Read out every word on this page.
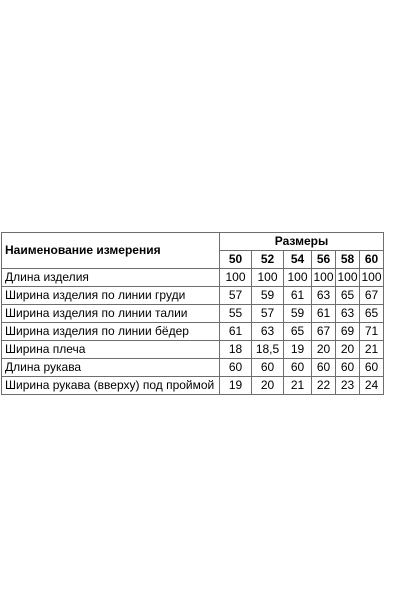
Наименование измерения	Размеры					
	50	52	54	56	58	60
Длина изделия	100	100	100	100	100	100
Ширина изделия по линии груди	57	59	61	63	65	67
Ширина изделия по линии талии	55	57	59	61	63	65
Ширина изделия по линии бёдер	61	63	65	67	69	71
Ширина плеча	18	18,5	19	20	20	21
Длина рукава	60	60	60	60	60	60
Ширина рукава (вверху) под проймой	19	20	21	22	23	24
